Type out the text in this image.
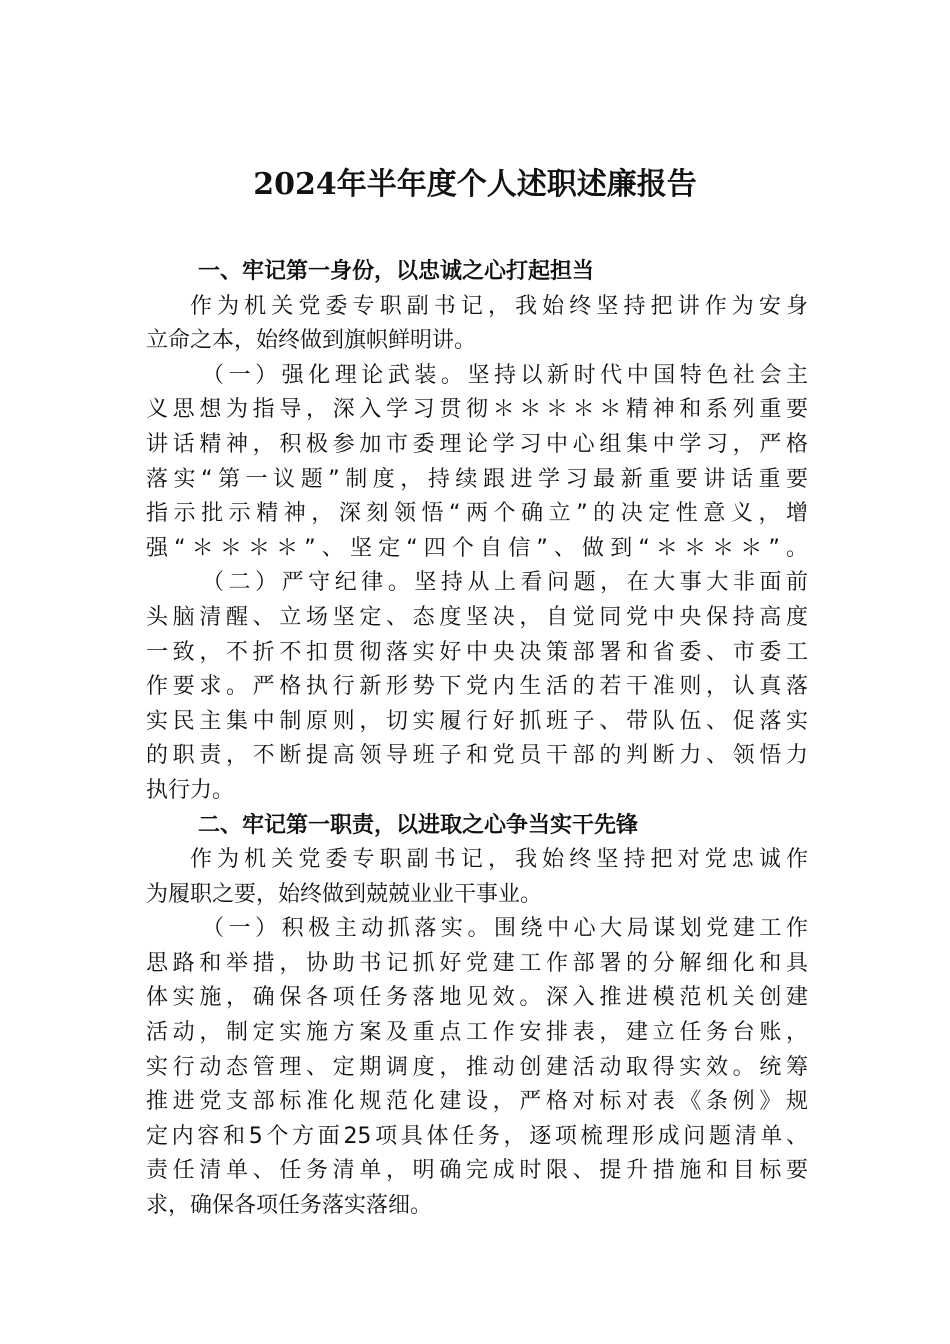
2024年半年度个人述职述廉报告
一、牢记第一身份，以忠诚之心打起担当
作为机关党委专职副书记，我始终坚持把讲作为安身
立命之本，始终做到旗帜鲜明讲。
（一）强化理论武装。坚持以新时代中国特色社会主
义思想为指导，深入学习贯彻＊＊＊＊＊精神和系列重要
讲话精神，积极参加市委理论学习中心组集中学习，严格
落实“第一议题”制度，持续跟进学习最新重要讲话重要
指示批示精神，深刻领悟“两个确立”的决定性意义，增
强“＊＊＊＊”、坚定“四个自信”、做到“＊＊＊＊”。
（二）严守纪律。坚持从上看问题，在大事大非面前
头脑清醒、立场坚定、态度坚决，自觉同党中央保持高度
一致，不折不扣贯彻落实好中央决策部署和省委、市委工
作要求。严格执行新形势下党内生活的若干准则，认真落
实民主集中制原则，切实履行好抓班子、带队伍、促落实
的职责，不断提高领导班子和党员干部的判断力、领悟力
执行力。
二、牢记第一职责，以进取之心争当实干先锋
作为机关党委专职副书记，我始终坚持把对党忠诚作
为履职之要，始终做到兢兢业业干事业。
（一）积极主动抓落实。围绕中心大局谋划党建工作
思路和举措，协助书记抓好党建工作部署的分解细化和具
体实施，确保各项任务落地见效。深入推进模范机关创建
活动，制定实施方案及重点工作安排表，建立任务台账，
实行动态管理、定期调度，推动创建活动取得实效。统筹
推进党支部标准化规范化建设，严格对标对表《条例》规
定内容和5个方面25项具体任务，逐项梳理形成问题清单、
责任清单、任务清单，明确完成时限、提升措施和目标要
求，确保各项任务落实落细。
